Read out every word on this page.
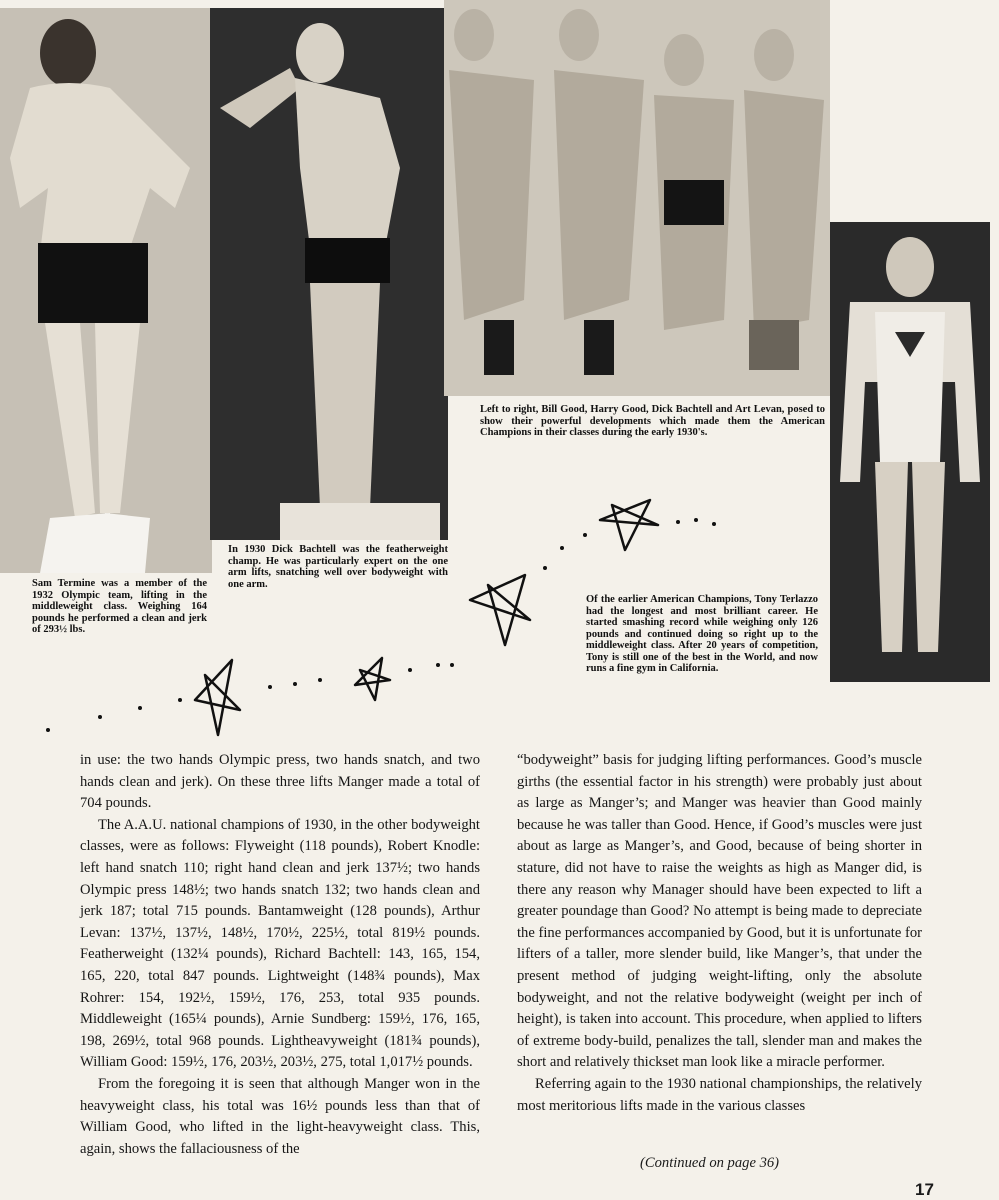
Sam Termine was a member of the 1932 Olympic team, lifting in the middleweight class. Weighing 164 pounds he performed a clean and jerk of 293½ lbs.

In 1930 Dick Bachtell was the featherweight champ. He was particularly expert on the one arm lifts, snatching well over bodyweight with one arm.

Left to right, Bill Good, Harry Good, Dick Bachtell and Art Levan, posed to show their powerful developments which made them the American Champions in their classes during the early 1930's.

Of the earlier American Champions, Tony Terlazzo had the longest and most brilliant career. He started smashing record while weighing only 126 pounds and continued doing so right up to the middleweight class. After 20 years of competition, Tony is still one of the best in the World, and now runs a fine gym in California.

in use: the two hands Olympic press, two hands snatch, and two hands clean and jerk). On these three lifts Manger made a total of 704 pounds.

The A.A.U. national champions of 1930, in the other bodyweight classes, were as follows: Flyweight (118 pounds), Robert Knodle: left hand snatch 110; right hand clean and jerk 137½; two hands Olympic press 148½; two hands snatch 132; two hands clean and jerk 187; total 715 pounds. Bantamweight (128 pounds), Arthur Levan: 137½, 137½, 148½, 170½, 225½, total 819½ pounds. Featherweight (132¼ pounds), Richard Bachtell: 143, 165, 154, 165, 220, total 847 pounds. Lightweight (148¾ pounds), Max Rohrer: 154, 192½, 159½, 176, 253, total 935 pounds. Middleweight (165¼ pounds), Arnie Sundberg: 159½, 176, 165, 198, 269½, total 968 pounds. Lightheavyweight (181¾ pounds), William Good: 159½, 176, 203½, 203½, 275, total 1,017½ pounds.

From the foregoing it is seen that although Manger won in the heavyweight class, his total was 16½ pounds less than that of William Good, who lifted in the light-heavyweight class. This, again, shows the fallaciousness of the

“bodyweight” basis for judging lifting performances. Good’s muscle girths (the essential factor in his strength) were probably just about as large as Manger’s; and Manger was heavier than Good mainly because he was taller than Good. Hence, if Good’s muscles were just about as large as Manger’s, and Good, because of being shorter in stature, did not have to raise the weights as high as Manger did, is there any reason why Manager should have been expected to lift a greater poundage than Good? No attempt is being made to depreciate the fine performances accompanied by Good, but it is unfortunate for lifters of a taller, more slender build, like Manger’s, that under the present method of judging weight-lifting, only the absolute bodyweight, and not the relative bodyweight (weight per inch of height), is taken into account. This procedure, when applied to lifters of extreme body-build, penalizes the tall, slender man and makes the short and relatively thickset man look like a miracle performer.

Referring again to the 1930 national championships, the relatively most meritorious lifts made in the various classes

(Continued on page 36)
17
